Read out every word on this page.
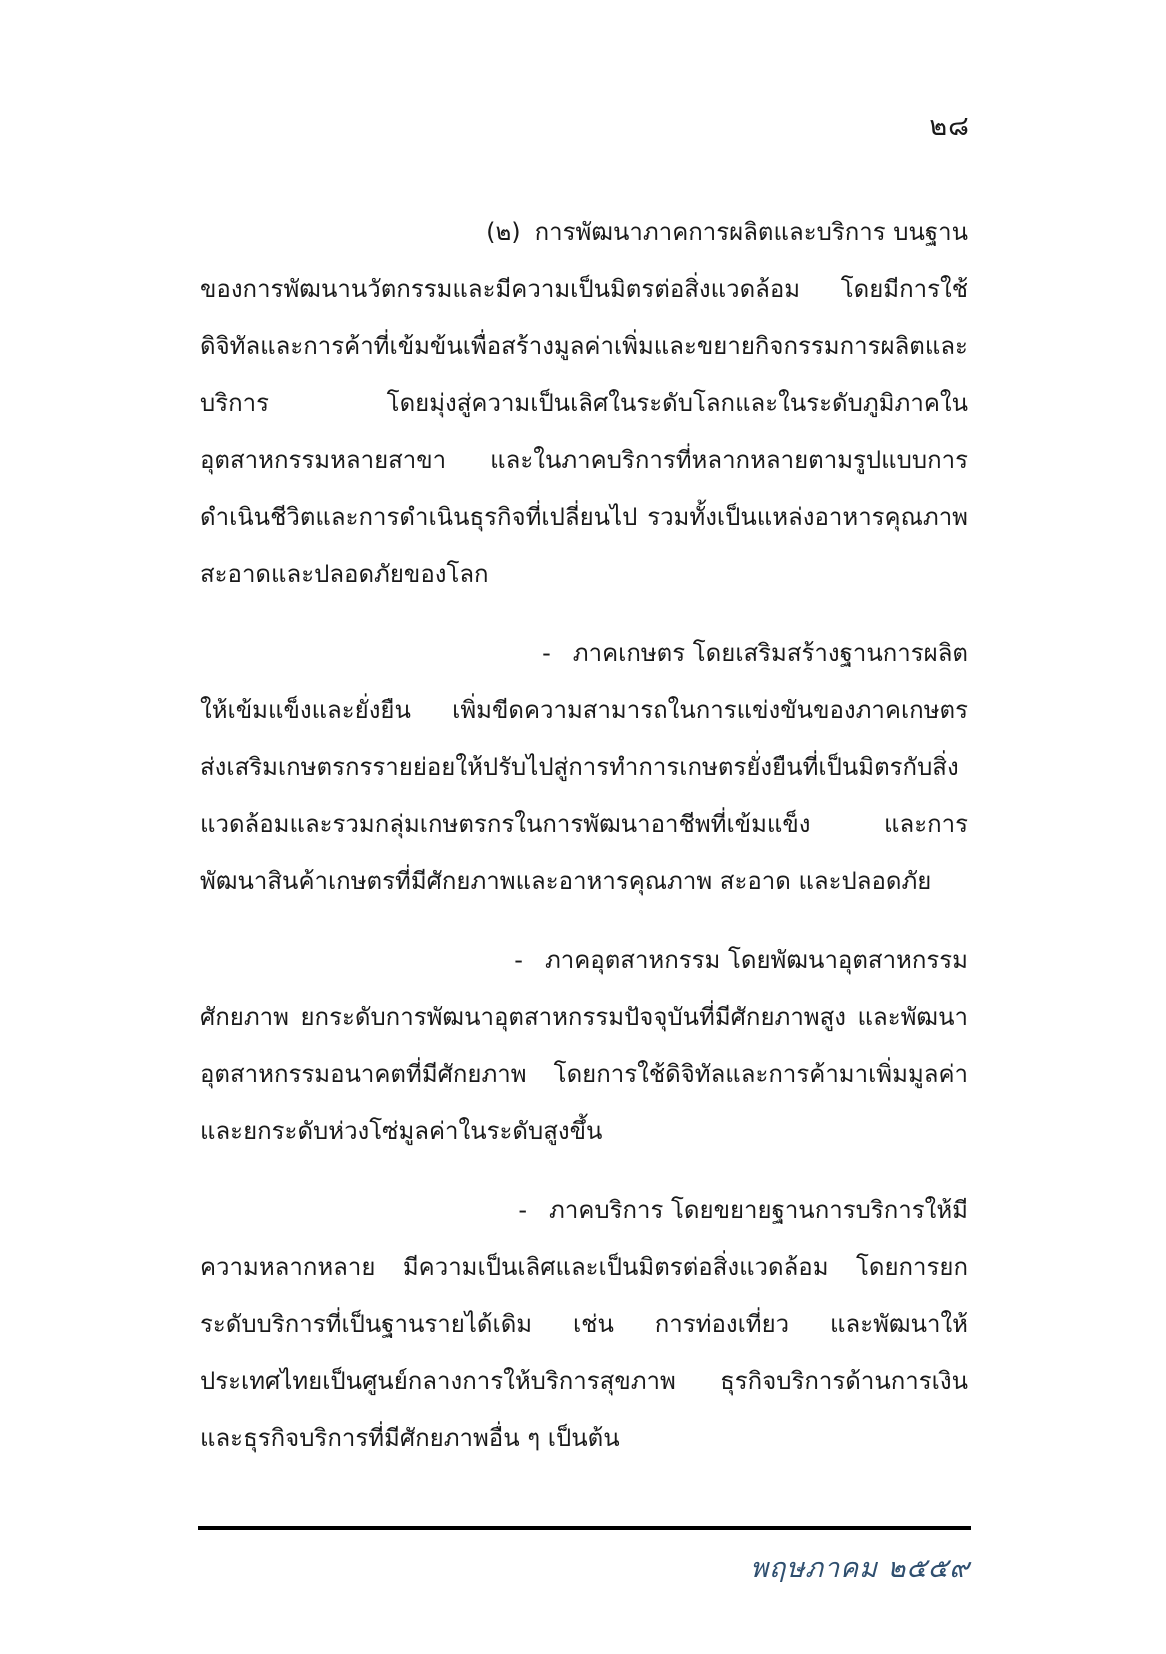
๒๘

(๒) การพัฒนาภาคการผลิตและบริการ บนฐาน
ของการพัฒนานวัตกรรมและมีความเป็นมิตรต่อสิ่งแวดล้อม โดยมีการใช้ดิจิทัลและการค้าที่เข้มข้นเพื่อสร้างมูลค่าเพิ่มและขยายกิจกรรมการผลิตและบริการ โดยมุ่งสู่ความเป็นเลิศในระดับโลกและในระดับภูมิภาคในอุตสาหกรรมหลายสาขา และในภาคบริการที่หลากหลายตามรูปแบบการดำเนินชีวิตและการดำเนินธุรกิจที่เปลี่ยนไป รวมทั้งเป็นแหล่งอาหารคุณภาพ สะอาดและปลอดภัยของโลก

- ภาคเกษตร โดยเสริมสร้างฐานการผลิต
ให้เข้มแข็งและยั่งยืน เพิ่มขีดความสามารถในการแข่งขันของภาคเกษตร ส่งเสริมเกษตรกรรายย่อยให้ปรับไปสู่การทำการเกษตรยั่งยืนที่เป็นมิตรกับสิ่งแวดล้อมและรวมกลุ่มเกษตรกรในการพัฒนาอาชีพที่เข้มแข็ง และการพัฒนาสินค้าเกษตรที่มีศักยภาพและอาหารคุณภาพ สะอาด และปลอดภัย

- ภาคอุตสาหกรรม โดยพัฒนาอุตสาหกรรม
ศักยภาพ ยกระดับการพัฒนาอุตสาหกรรมปัจจุบันที่มีศักยภาพสูง และพัฒนาอุตสาหกรรมอนาคตที่มีศักยภาพ โดยการใช้ดิจิทัลและการค้ามาเพิ่มมูลค่าและยกระดับห่วงโซ่มูลค่าในระดับสูงขึ้น

- ภาคบริการ โดยขยายฐานการบริการให้มี
ความหลากหลาย มีความเป็นเลิศและเป็นมิตรต่อสิ่งแวดล้อม โดยการยกระดับบริการที่เป็นฐานรายได้เดิม เช่น การท่องเที่ยว และพัฒนาให้ประเทศไทยเป็นศูนย์กลางการให้บริการสุขภาพ ธุรกิจบริการด้านการเงินและธุรกิจบริการที่มีศักยภาพอื่น ๆ เป็นต้น

พฤษภาคม ๒๕๕๙
